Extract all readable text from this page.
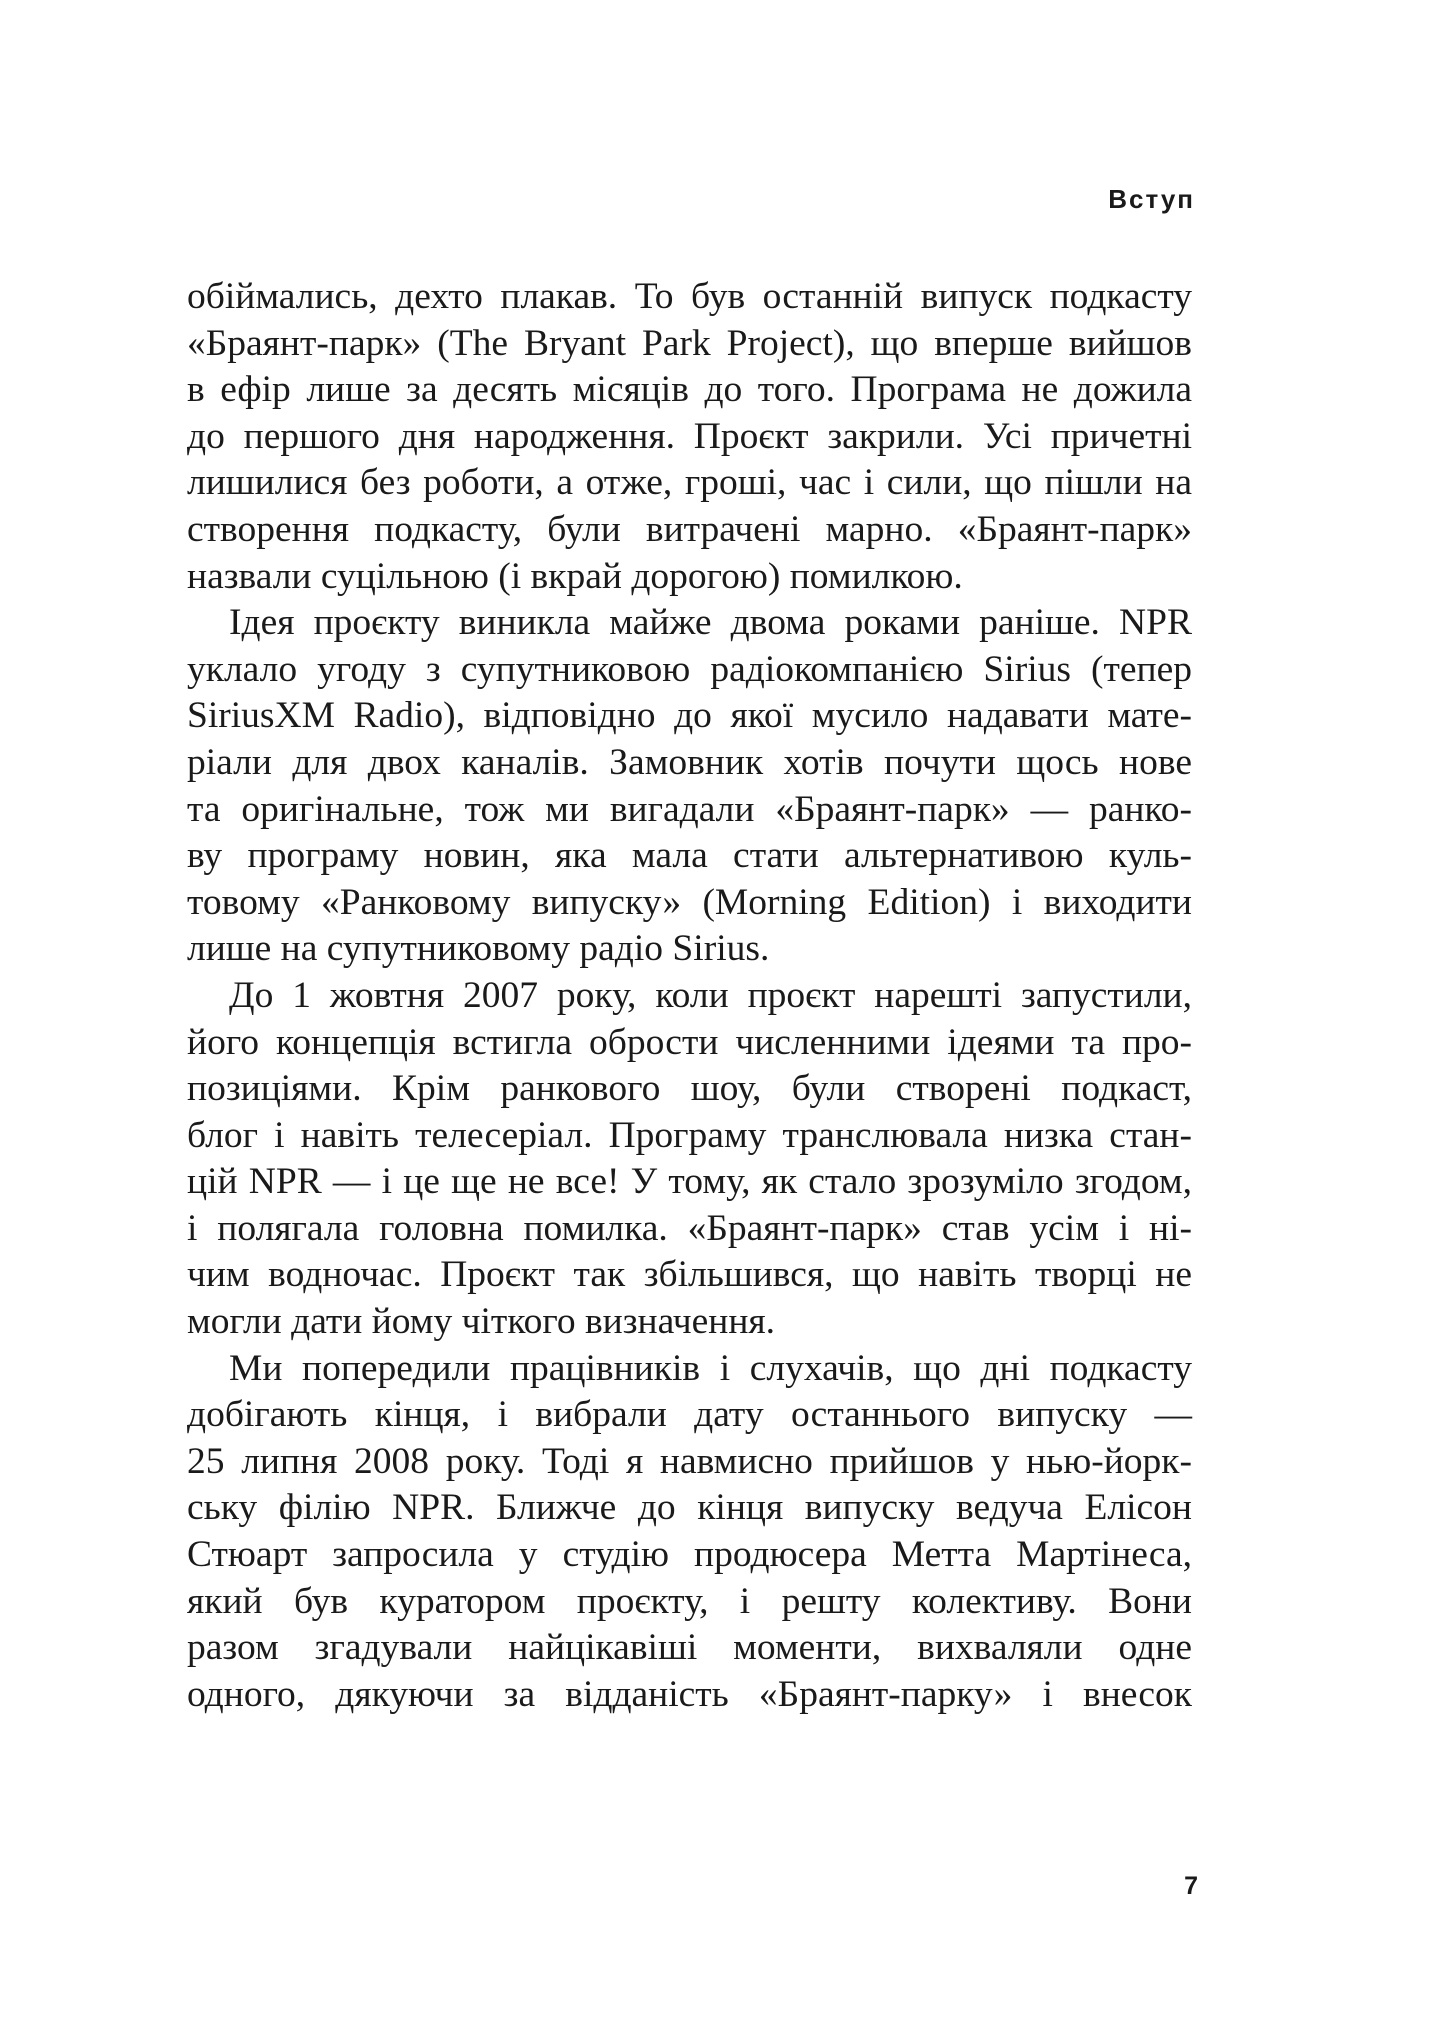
Вступ

обіймались, дехто плакав. То був останній випуск подкасту
«Браянт-парк» (The Bryant Park Project), що вперше вийшов
в ефір лише за десять місяців до того. Програма не дожила
до першого дня народження. Проєкт закрили. Усі причетні
лишилися без роботи, а отже, гроші, час і сили, що пішли на
створення подкасту, були витрачені марно. «Браянт-парк»
назвали суцільною (і вкрай дорогою) помилкою.

Ідея проєкту виникла майже двома роками раніше. NPR
уклало угоду з супутниковою радіокомпанією Sirius (тепер
SiriusXM Radio), відповідно до якої мусило надавати мате-
ріали для двох каналів. Замовник хотів почути щось нове
та оригінальне, тож ми вигадали «Браянт-парк» — ранко-
ву програму новин, яка мала стати альтернативою куль-
товому «Ранковому випуску» (Morning Edition) і виходити
лише на супутниковому радіо Sirius.

До 1 жовтня 2007 року, коли проєкт нарешті запустили,
його концепція встигла обрости численними ідеями та про-
позиціями. Крім ранкового шоу, були створені подкаст,
блог і навіть телесеріал. Програму транслювала низка стан-
цій NPR — і це ще не все! У тому, як стало зрозуміло згодом,
і полягала головна помилка. «Браянт-парк» став усім і ні-
чим водночас. Проєкт так збільшився, що навіть творці не
могли дати йому чіткого визначення.

Ми попередили працівників і слухачів, що дні подкасту
добігають кінця, і вибрали дату останнього випуску —
25 липня 2008 року. Тоді я навмисно прийшов у нью-йорк-
ську філію NPR. Ближче до кінця випуску ведуча Елісон
Стюарт запросила у студію продюсера Метта Мартінеса,
який був куратором проєкту, і решту колективу. Вони
разом згадували найцікавіші моменти, вихваляли одне
одного, дякуючи за відданість «Браянт-парку» і внесок

7
